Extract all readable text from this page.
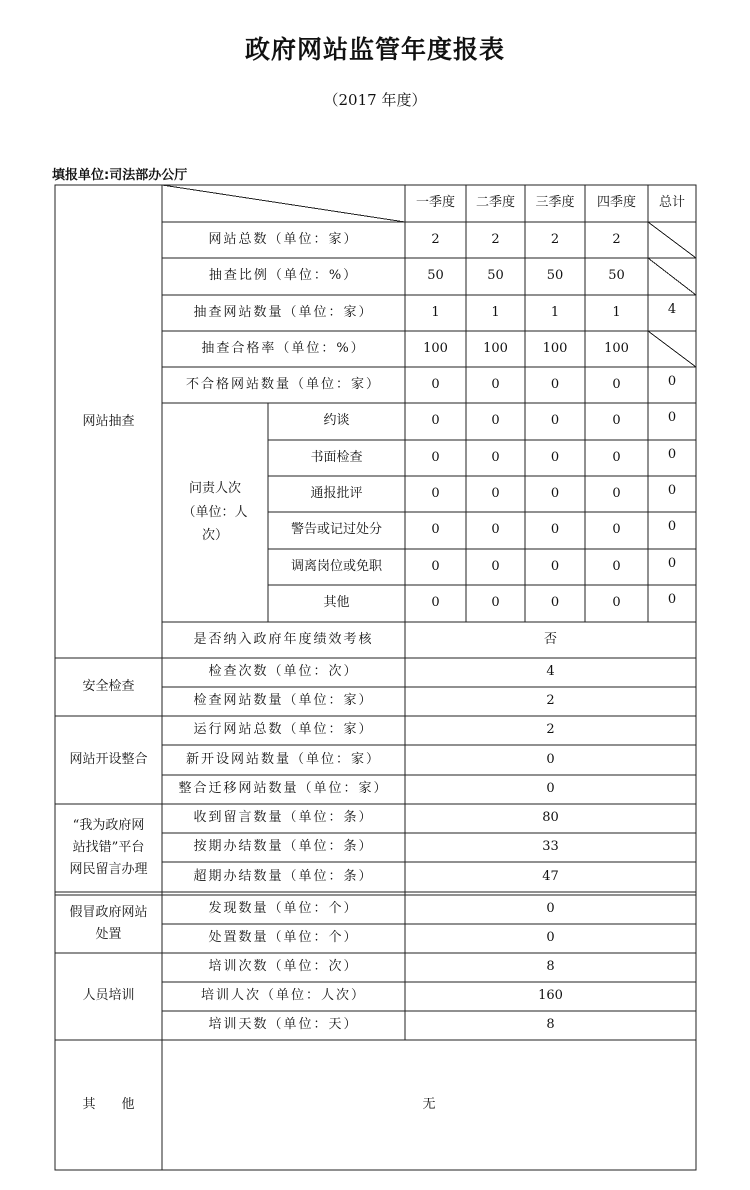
政府网站监管年度报表
（2017 年度）
填报单位:司法部办公厅
一季度	二季度	三季度	四季度	总计
网站抽查
网站总数（单位：家）	2	2	2	2
抽查比例（单位：%）	50	50	50	50
抽查网站数量（单位：家）	1	1	1	1	4
抽查合格率（单位：%）	100	100	100	100
不合格网站数量（单位：家）	0	0	0	0	0
问责人次
（单位：人
次）
约谈	0	0	0	0	0
书面检查	0	0	0	0	0
通报批评	0	0	0	0	0
警告或记过处分	0	0	0	0	0
调离岗位或免职	0	0	0	0	0
其他	0	0	0	0	0
是否纳入政府年度绩效考核	否
安全检查
检查次数（单位：次）	4
检查网站数量（单位：家）	2
网站开设整合
运行网站总数（单位：家）	2
新开设网站数量（单位：家）	0
整合迁移网站数量（单位：家）	0
“我为政府网
站找错”平台
网民留言办理
收到留言数量（单位：条）	80
按期办结数量（单位：条）	33
超期办结数量（单位：条）	47
假冒政府网站
处置
发现数量（单位：个）	0
处置数量（单位：个）	0
人员培训
培训次数（单位：次）	8
培训人次（单位：人次）	160
培训天数（单位：天）	8
其　　他	无
